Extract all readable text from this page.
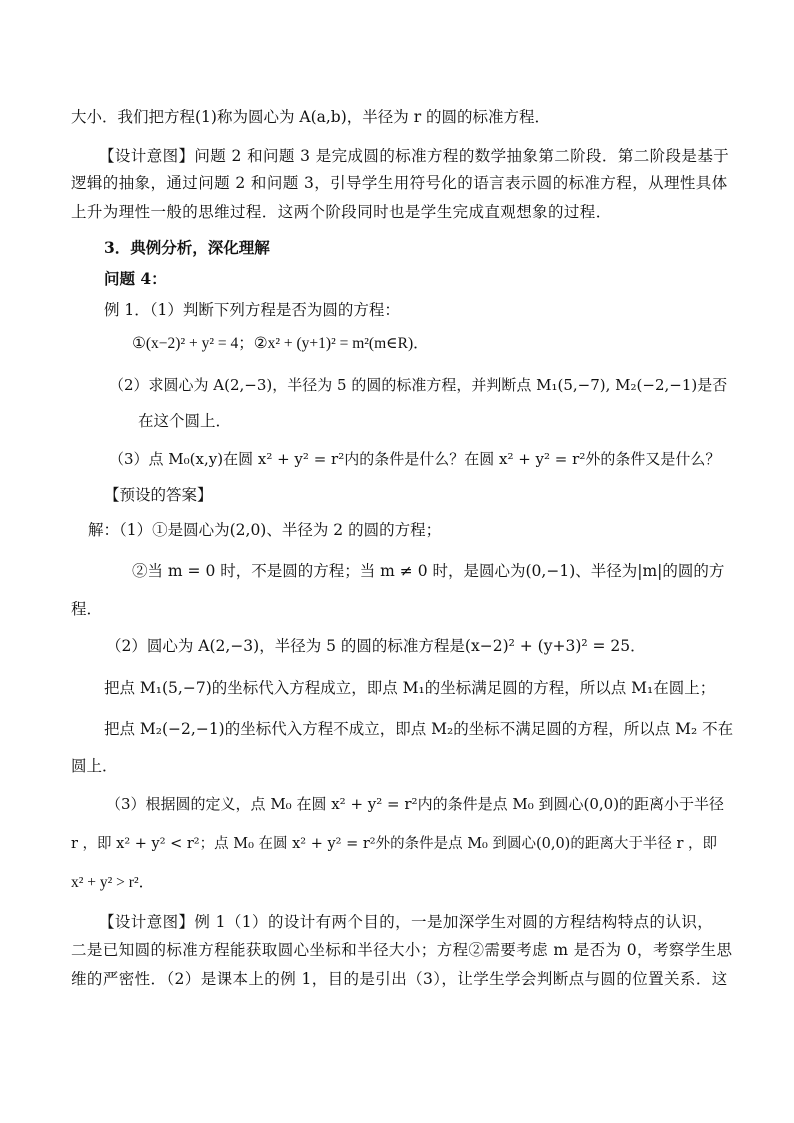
大小．我们把方程(1)称为圆心为 A(a,b)，半径为 r 的圆的标准方程．
【设计意图】问题 2 和问题 3 是完成圆的标准方程的数学抽象第二阶段．第二阶段是基于
逻辑的抽象，通过问题 2 和问题 3，引导学生用符号化的语言表示圆的标准方程，从理性具体
上升为理性一般的思维过程．这两个阶段同时也是学生完成直观想象的过程．
3．典例分析，深化理解
问题 4：
例 1．（1）判断下列方程是否为圆的方程：
①(x−2)² + y² = 4；②x² + (y+1)² = m²(m∈R)．
（2）求圆心为 A(2,−3)，半径为 5 的圆的标准方程，并判断点 M₁(5,−7), M₂(−2,−1)是否
在这个圆上．
（3）点 M₀(x,y)在圆 x² + y² = r²内的条件是什么？在圆 x² + y² = r²外的条件又是什么？
【预设的答案】
解：（1）①是圆心为(2,0)、半径为 2 的圆的方程；
②当 m = 0 时，不是圆的方程；当 m ≠ 0 时，是圆心为(0,−1)、半径为|m|的圆的方
程．
（2）圆心为 A(2,−3)，半径为 5 的圆的标准方程是(x−2)² + (y+3)² = 25．
把点 M₁(5,−7)的坐标代入方程成立，即点 M₁的坐标满足圆的方程，所以点 M₁在圆上；
把点 M₂(−2,−1)的坐标代入方程不成立，即点 M₂的坐标不满足圆的方程，所以点 M₂ 不在
圆上．
（3）根据圆的定义，点 M₀ 在圆 x² + y² = r²内的条件是点 M₀ 到圆心(0,0)的距离小于半径
r ，即 x² + y² < r²；点 M₀ 在圆 x² + y² = r²外的条件是点 M₀ 到圆心(0,0)的距离大于半径 r ，即
x² + y² > r²．
【设计意图】例 1（1）的设计有两个目的，一是加深学生对圆的方程结构特点的认识，
二是已知圆的标准方程能获取圆心坐标和半径大小；方程②需要考虑 m 是否为 0，考察学生思
维的严密性．（2）是课本上的例 1，目的是引出（3），让学生学会判断点与圆的位置关系．这
